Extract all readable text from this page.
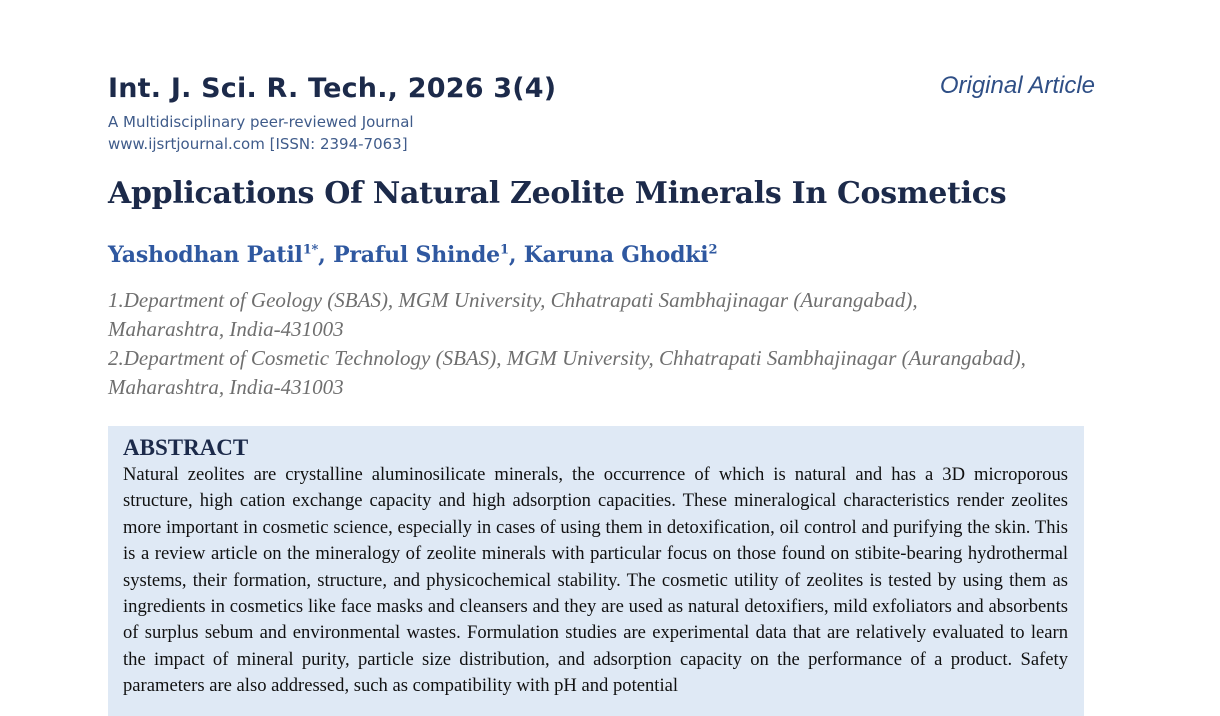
Int. J. Sci. R. Tech., 2026 3(4)
A Multidisciplinary peer-reviewed Journal
www.ijsrtjournal.com [ISSN: 2394-7063]
Original Article
Applications Of Natural Zeolite Minerals In Cosmetics
Yashodhan Patil$^{1*}$, Praful Shinde$^1$, Karuna Ghodki$^2$
1.Department of Geology (SBAS), MGM University, Chhatrapati Sambhajinagar (Aurangabad),
Maharashtra, India-431003
2.Department of Cosmetic Technology (SBAS), MGM University, Chhatrapati Sambhajinagar (Aurangabad),
Maharashtra, India-431003
ABSTRACT
Natural zeolites are crystalline aluminosilicate minerals, the occurrence of which is natural and has a 3D microporous structure, high cation exchange capacity and high adsorption capacities. These mineralogical characteristics render zeolites more important in cosmetic science, especially in cases of using them in detoxification, oil control and purifying the skin. This is a review article on the mineralogy of zeolite minerals with particular focus on those found on stibite-bearing hydrothermal systems, their formation, structure, and physicochemical stability. The cosmetic utility of zeolites is tested by using them as ingredients in cosmetics like face masks and cleansers and they are used as natural detoxifiers, mild exfoliators and absorbents of surplus sebum and environmental wastes. Formulation studies are experimental data that are relatively evaluated to learn the impact of mineral purity, particle size distribution, and adsorption capacity on the performance of a product. Safety parameters are also addressed, such as compatibility with pH and potential
